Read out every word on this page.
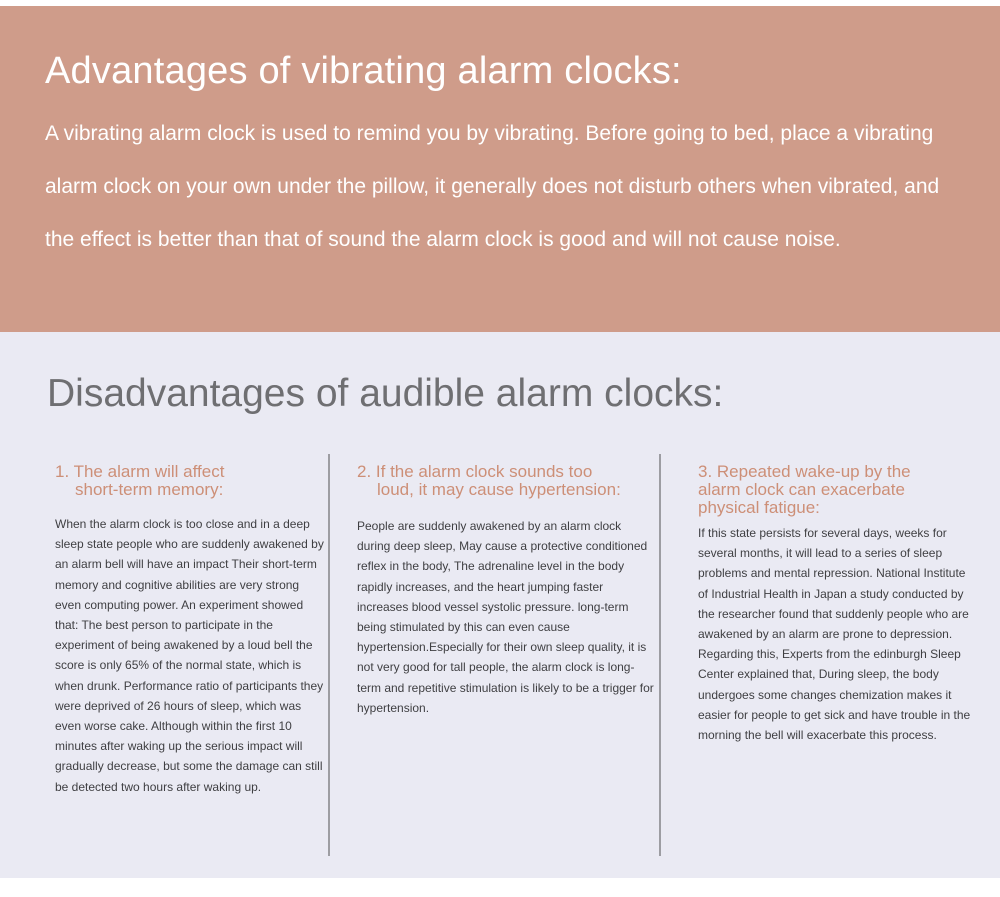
Advantages of vibrating alarm clocks:

A vibrating alarm clock is used to remind you by vibrating. Before going to bed, place a vibrating alarm clock on your own under the pillow, it generally does not disturb others when vibrated, and the effect is better than that of sound the alarm clock is good and will not cause noise.

Disadvantages of audible alarm clocks:
1. The alarm will affect
short-term memory:

When the alarm clock is too close and in a deep sleep state people who are suddenly awakened by an alarm bell will have an impact Their short-term memory and cognitive abilities are very strong even computing power. An experiment showed that: The best person to participate in the experiment of being awakened by a loud bell the score is only 65% of the normal state, which is when drunk. Performance ratio of participants they were deprived of 26 hours of sleep, which was even worse cake. Although within the first 10 minutes after waking up the serious impact will gradually decrease, but some the damage can still be detected two hours after waking up.

2. If the alarm clock sounds too
loud, it may cause hypertension:

People are suddenly awakened by an alarm clock during deep sleep, May cause a protective conditioned reflex in the body, The adrenaline level in the body rapidly increases, and the heart jumping faster increases blood vessel systolic pressure. long-term being stimulated by this can even cause hypertension.Especially for their own sleep quality, it is not very good for tall people, the alarm clock is long-term and repetitive stimulation is likely to be a trigger for hypertension.

3. Repeated wake-up by the
alarm clock can exacerbate
physical fatigue:

If this state persists for several days, weeks for several months, it will lead to a series of sleep problems and mental repression. National Institute of Industrial Health in Japan a study conducted by the researcher found that suddenly people who are awakened by an alarm are prone to depression. Regarding this, Experts from the edinburgh Sleep Center explained that, During sleep, the body undergoes some changes chemization makes it easier for people to get sick and have trouble in the morning the bell will exacerbate this process.
